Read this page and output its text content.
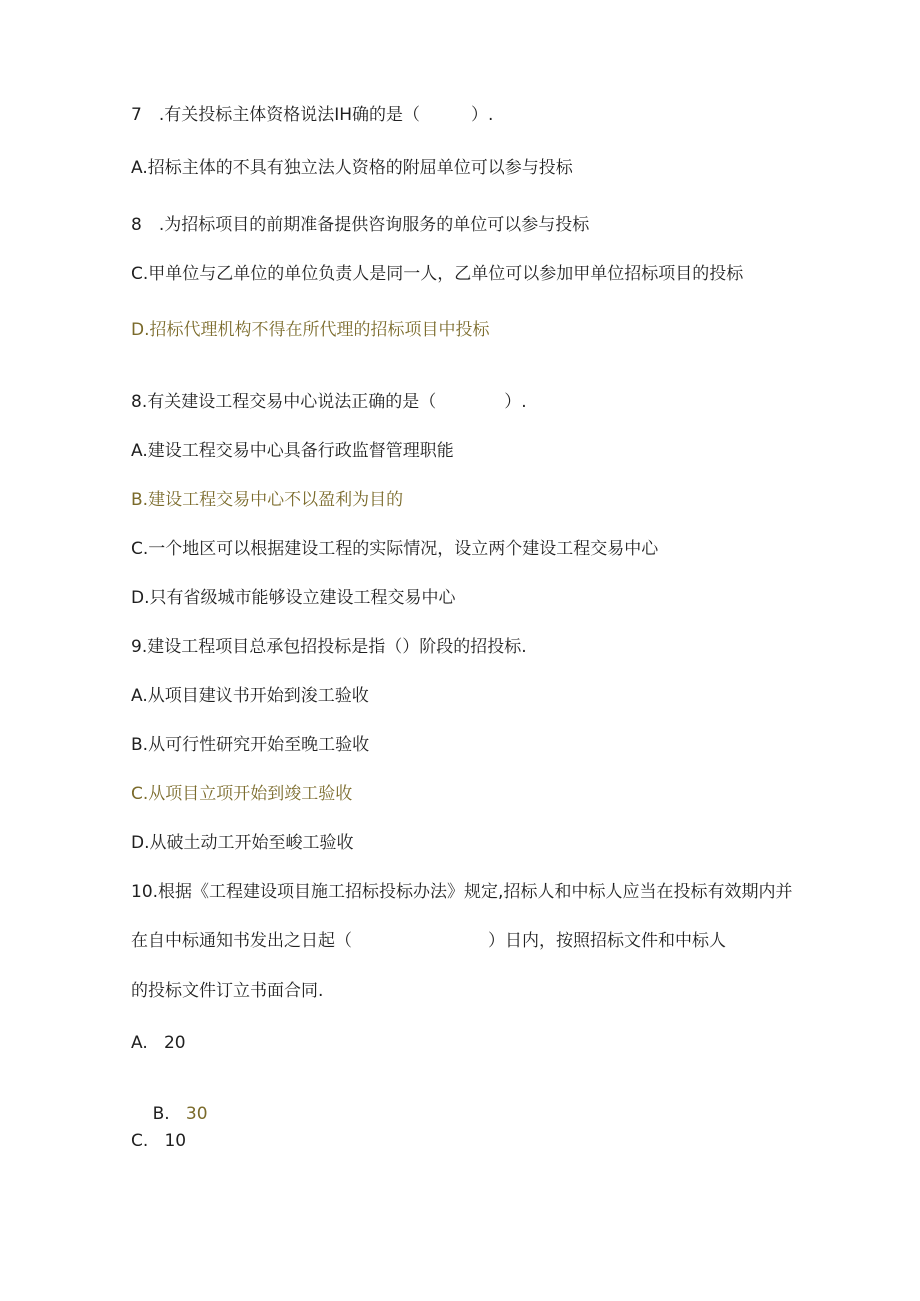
7　.有关投标主体资格说法IH确的是（　　　）.

A.招标主体的不具有独立法人资格的附屈单位可以参与投标

8　.为招标项目的前期准备提供咨询服务的单位可以参与投标

C.甲单位与乙单位的单位负责人是同一人，乙单位可以参加甲单位招标项目的投标

D.招标代理机构不得在所代理的招标项目中投标

8.有关建设工程交易中心说法正确的是（　　　　）.

A.建设工程交易中心具备行政监督管理职能

B.建设工程交易中心不以盈利为目的

C.一个地区可以根据建设工程的实际情况，设立两个建设工程交易中心

D.只有省级城市能够设立建设工程交易中心

9.建设工程项目总承包招投标是指（）阶段的招投标.

A.从项目建议书开始到浚工验收

B.从可行性研究开始至晚工验收

C.从项目立项开始到竣工验收

D.从破土动工开始至峻工验收

10.根据《工程建设项目施工招标投标办法》规定,招标人和中标人应当在投标有效期内并

在自中标通知书发出之日起（　　　　　　　　）日内，按照招标文件和中标人

的投标文件订立书面合同.

A.   20

B.   30

C.   10
